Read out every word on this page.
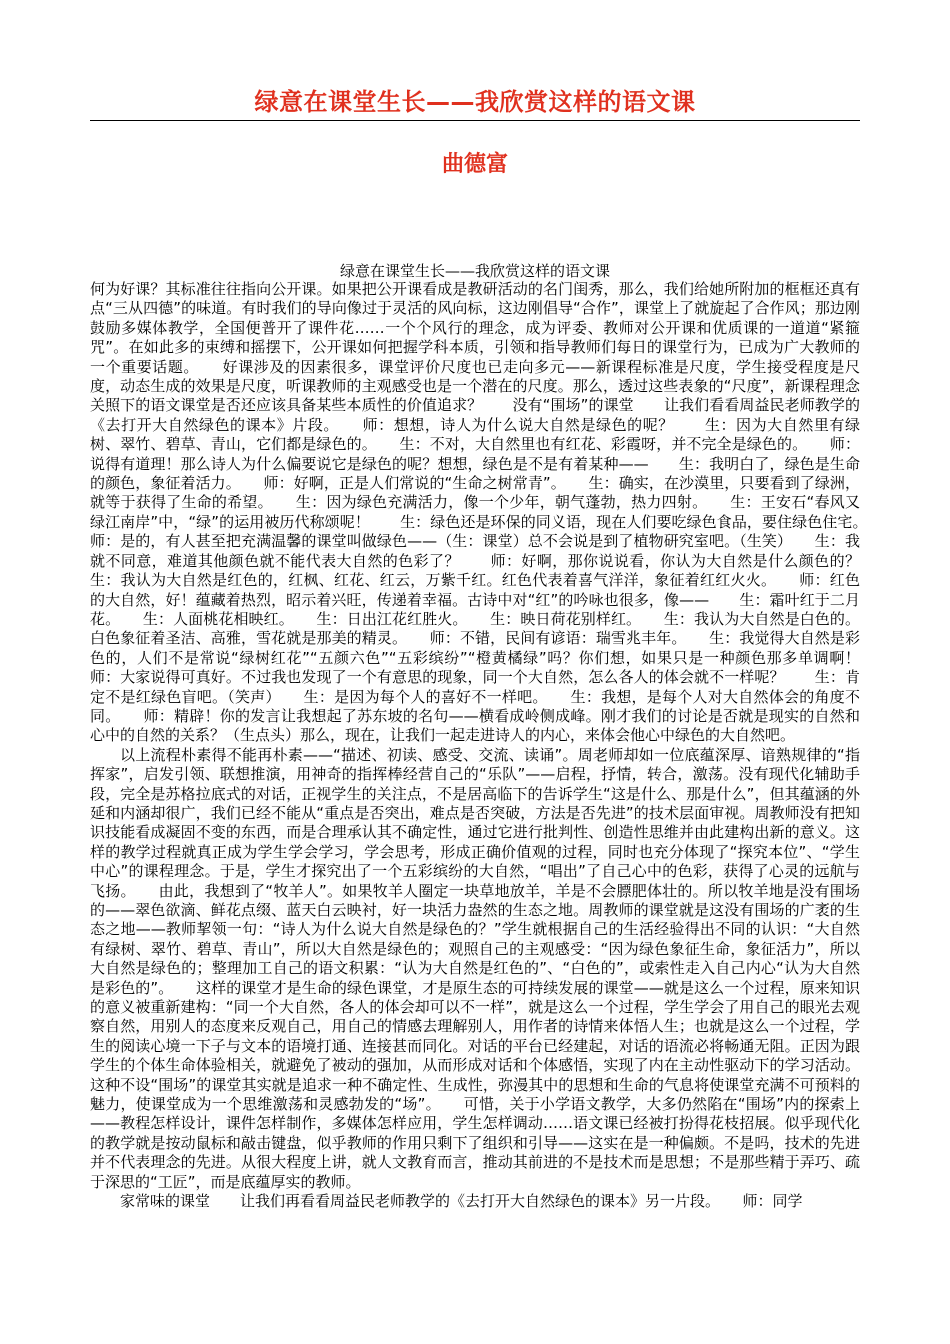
绿意在课堂生长——我欣赏这样的语文课
曲德富
绿意在课堂生长——我欣赏这样的语文课

何为好课？其标准往往指向公开课。如果把公开课看成是教研活动的名门闺秀，那么，我们给她所附加的框框还真有点“三从四德”的味道。有时我们的导向像过于灵活的风向标，这边刚倡导“合作”，课堂上了就旋起了合作风；那边刚鼓励多媒体教学，全国便普开了课件花……一个个风行的理念，成为评委、教师对公开课和优质课的一道道“紧箍咒”。在如此多的束缚和摇摆下，公开课如何把握学科本质，引领和指导教师们每日的课堂行为，已成为广大教师的一个重要话题。　　好课涉及的因素很多，课堂评价尺度也已走向多元——新课程标准是尺度，学生接受程度是尺度，动态生成的效果是尺度，听课教师的主观感受也是一个潜在的尺度。那么，透过这些表象的“尺度”，新课程理念关照下的语文课堂是否还应该具备某些本质性的价值追求？　　没有“围场”的课堂　　让我们看看周益民老师教学的《去打开大自然绿色的课本》片段。　　师：想想，诗人为什么说大自然是绿色的呢？　　生：因为大自然里有绿树、翠竹、碧草、青山，它们都是绿色的。　　生：不对，大自然里也有红花、彩霞呀，并不完全是绿色的。　　师：说得有道理！那么诗人为什么偏要说它是绿色的呢？想想，绿色是不是有着某种——　　生：我明白了，绿色是生命的颜色，象征着活力。　　师：好啊，正是人们常说的“生命之树常青”。　　生：确实，在沙漠里，只要看到了绿洲，就等于获得了生命的希望。　　生：因为绿色充满活力，像一个少年，朝气蓬勃，热力四射。　　生：王安石“春风又绿江南岸”中，“绿”的运用被历代称颂呢！　　生：绿色还是环保的同义语，现在人们要吃绿色食品，要住绿色住宅。　　师：是的，有人甚至把充满温馨的课堂叫做绿色——（生：课堂）总不会说是到了植物研究室吧。（生笑）　　生：我就不同意，难道其他颜色就不能代表大自然的色彩了？　　师：好啊，那你说说看，你认为大自然是什么颜色的？　　生：我认为大自然是红色的，红枫、红花、红云，万紫千红。红色代表着喜气洋洋，象征着红红火火。　　师：红色的大自然，好！蕴藏着热烈，昭示着兴旺，传递着幸福。古诗中对“红”的吟咏也很多，像——　　生：霜叶红于二月花。　　生：人面桃花相映红。　　生：日出江花红胜火。　　生：映日荷花别样红。　　生：我认为大自然是白色的。白色象征着圣洁、高雅，雪花就是那美的精灵。　　师：不错，民间有谚语：瑞雪兆丰年。　　生：我觉得大自然是彩色的，人们不是常说“绿树红花”“五颜六色”“五彩缤纷”“橙黄橘绿”吗？你们想，如果只是一种颜色那多单调啊！　　师：大家说得可真好。不过我也发现了一个有意思的现象，同一个大自然，怎么各人的体会就不一样呢？　　生：肯定不是红绿色盲吧。（笑声）　　生：是因为每个人的喜好不一样吧。　　生：我想，是每个人对大自然体会的角度不同。　　师：精辟！你的发言让我想起了苏东坡的名句——横看成岭侧成峰。刚才我们的讨论是否就是现实的自然和心中的自然的关系？（生点头）那么，现在，让我们一起走进诗人的内心，来体会他心中绿色的大自然吧。

以上流程朴素得不能再朴素——“描述、初读、感受、交流、读诵”。周老师却如一位底蕴深厚、谙熟规律的“指挥家”，启发引领、联想推演，用神奇的指挥棒经营自己的“乐队”——启程，抒情，转合，激荡。没有现代化辅助手段，完全是苏格拉底式的对话，正视学生的关注点，不是居高临下的告诉学生“这是什么、那是什么”，但其蕴涵的外延和内涵却很广，我们已经不能从“重点是否突出，难点是否突破，方法是否先进”的技术层面审视。周教师没有把知识技能看成凝固不变的东西，而是合理承认其不确定性，通过它进行批判性、创造性思维并由此建构出新的意义。这样的教学过程就真正成为学生学会学习，学会思考，形成正确价值观的过程，同时也充分体现了“探究本位”、“学生中心”的课程理念。于是，学生才探究出了一个五彩缤纷的大自然，“唱出”了自己心中的色彩，获得了心灵的远航与飞扬。　　由此，我想到了“牧羊人”。如果牧羊人圈定一块草地放羊，羊是不会膘肥体壮的。所以牧羊地是没有围场的——翠色欲滴、鲜花点缀、蓝天白云映衬，好一块活力盎然的生态之地。周教师的课堂就是这没有围场的广袤的生态之地——教师挈领一句：“诗人为什么说大自然是绿色的？”学生就根据自己的生活经验得出不同的认识：“大自然有绿树、翠竹、碧草、青山”，所以大自然是绿色的；观照自己的主观感受：“因为绿色象征生命，象征活力”，所以大自然是绿色的；整理加工自己的语文积累：“认为大自然是红色的”、“白色的”，或索性走入自己内心“认为大自然是彩色的”。　　这样的课堂才是生命的绿色课堂，才是原生态的可持续发展的课堂——就是这么一个过程，原来知识的意义被重新建构：“同一个大自然，各人的体会却可以不一样”，就是这么一个过程，学生学会了用自己的眼光去观察自然，用别人的态度来反观自己，用自己的情感去理解别人，用作者的诗情来体悟人生；也就是这么一个过程，学生的阅读心境一下子与文本的语境打通、连接甚而同化。对话的平台已经建起，对话的语流必将畅通无阻。正因为跟学生的个体生命体验相关，就避免了被动的强加，从而形成对话和个体感悟，实现了内在主动性驱动下的学习活动。这种不设“围场”的课堂其实就是追求一种不确定性、生成性，弥漫其中的思想和生命的气息将使课堂充满不可预料的魅力，使课堂成为一个思维激荡和灵感勃发的“场”。　　可惜，关于小学语文教学，大多仍然陷在“围场”内的探索上——教程怎样设计，课件怎样制作，多媒体怎样应用，学生怎样调动……语文课已经被打扮得花枝招展。似乎现代化的教学就是按动鼠标和敲击键盘，似乎教师的作用只剩下了组织和引导——这实在是一种偏颇。不是吗，技术的先进并不代表理念的先进。从很大程度上讲，就人文教育而言，推动其前进的不是技术而是思想；不是那些精于弄巧、疏于深思的“工匠”，而是底蕴厚实的教师。

家常味的课堂　　让我们再看看周益民老师教学的《去打开大自然绿色的课本》另一片段。　　师：同学
